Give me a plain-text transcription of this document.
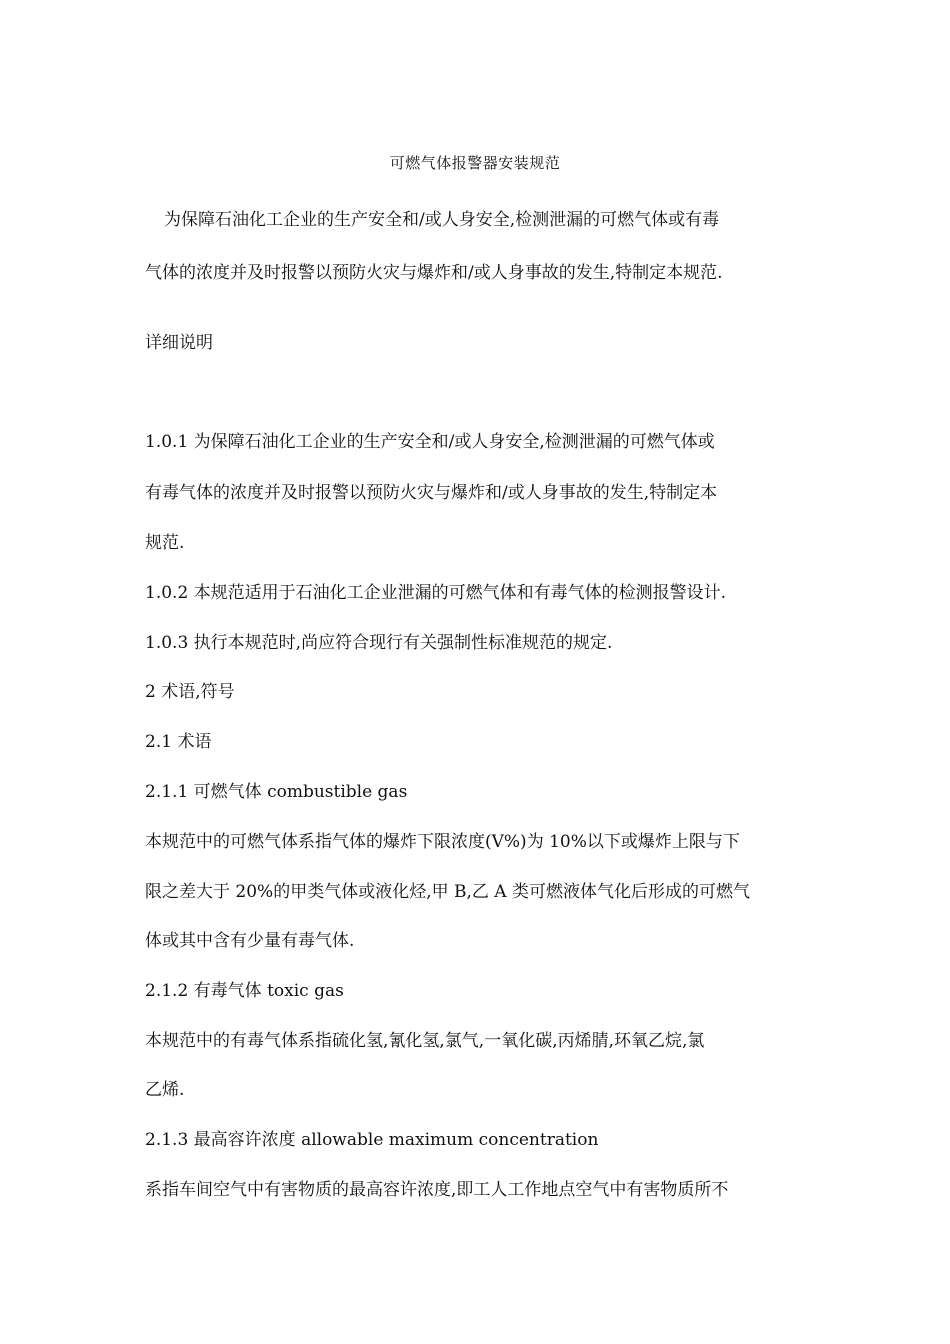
可燃气体报警器安装规范
为保障石油化工企业的生产安全和/或人身安全,检测泄漏的可燃气体或有毒
气体的浓度并及时报警以预防火灾与爆炸和/或人身事故的发生,特制定本规范.
详细说明
1.0.1 为保障石油化工企业的生产安全和/或人身安全,检测泄漏的可燃气体或
有毒气体的浓度并及时报警以预防火灾与爆炸和/或人身事故的发生,特制定本
规范.
1.0.2 本规范适用于石油化工企业泄漏的可燃气体和有毒气体的检测报警设计.
1.0.3 执行本规范时,尚应符合现行有关强制性标准规范的规定.
2 术语,符号
2.1 术语
2.1.1 可燃气体 combustible gas
本规范中的可燃气体系指气体的爆炸下限浓度(V%)为 10%以下或爆炸上限与下
限之差大于 20%的甲类气体或液化烃,甲 B,乙 A 类可燃液体气化后形成的可燃气
体或其中含有少量有毒气体.
2.1.2 有毒气体 toxic gas
本规范中的有毒气体系指硫化氢,氰化氢,氯气,一氧化碳,丙烯腈,环氧乙烷,氯
乙烯.
2.1.3 最高容许浓度 allowable maximum concentration
系指车间空气中有害物质的最高容许浓度,即工人工作地点空气中有害物质所不
